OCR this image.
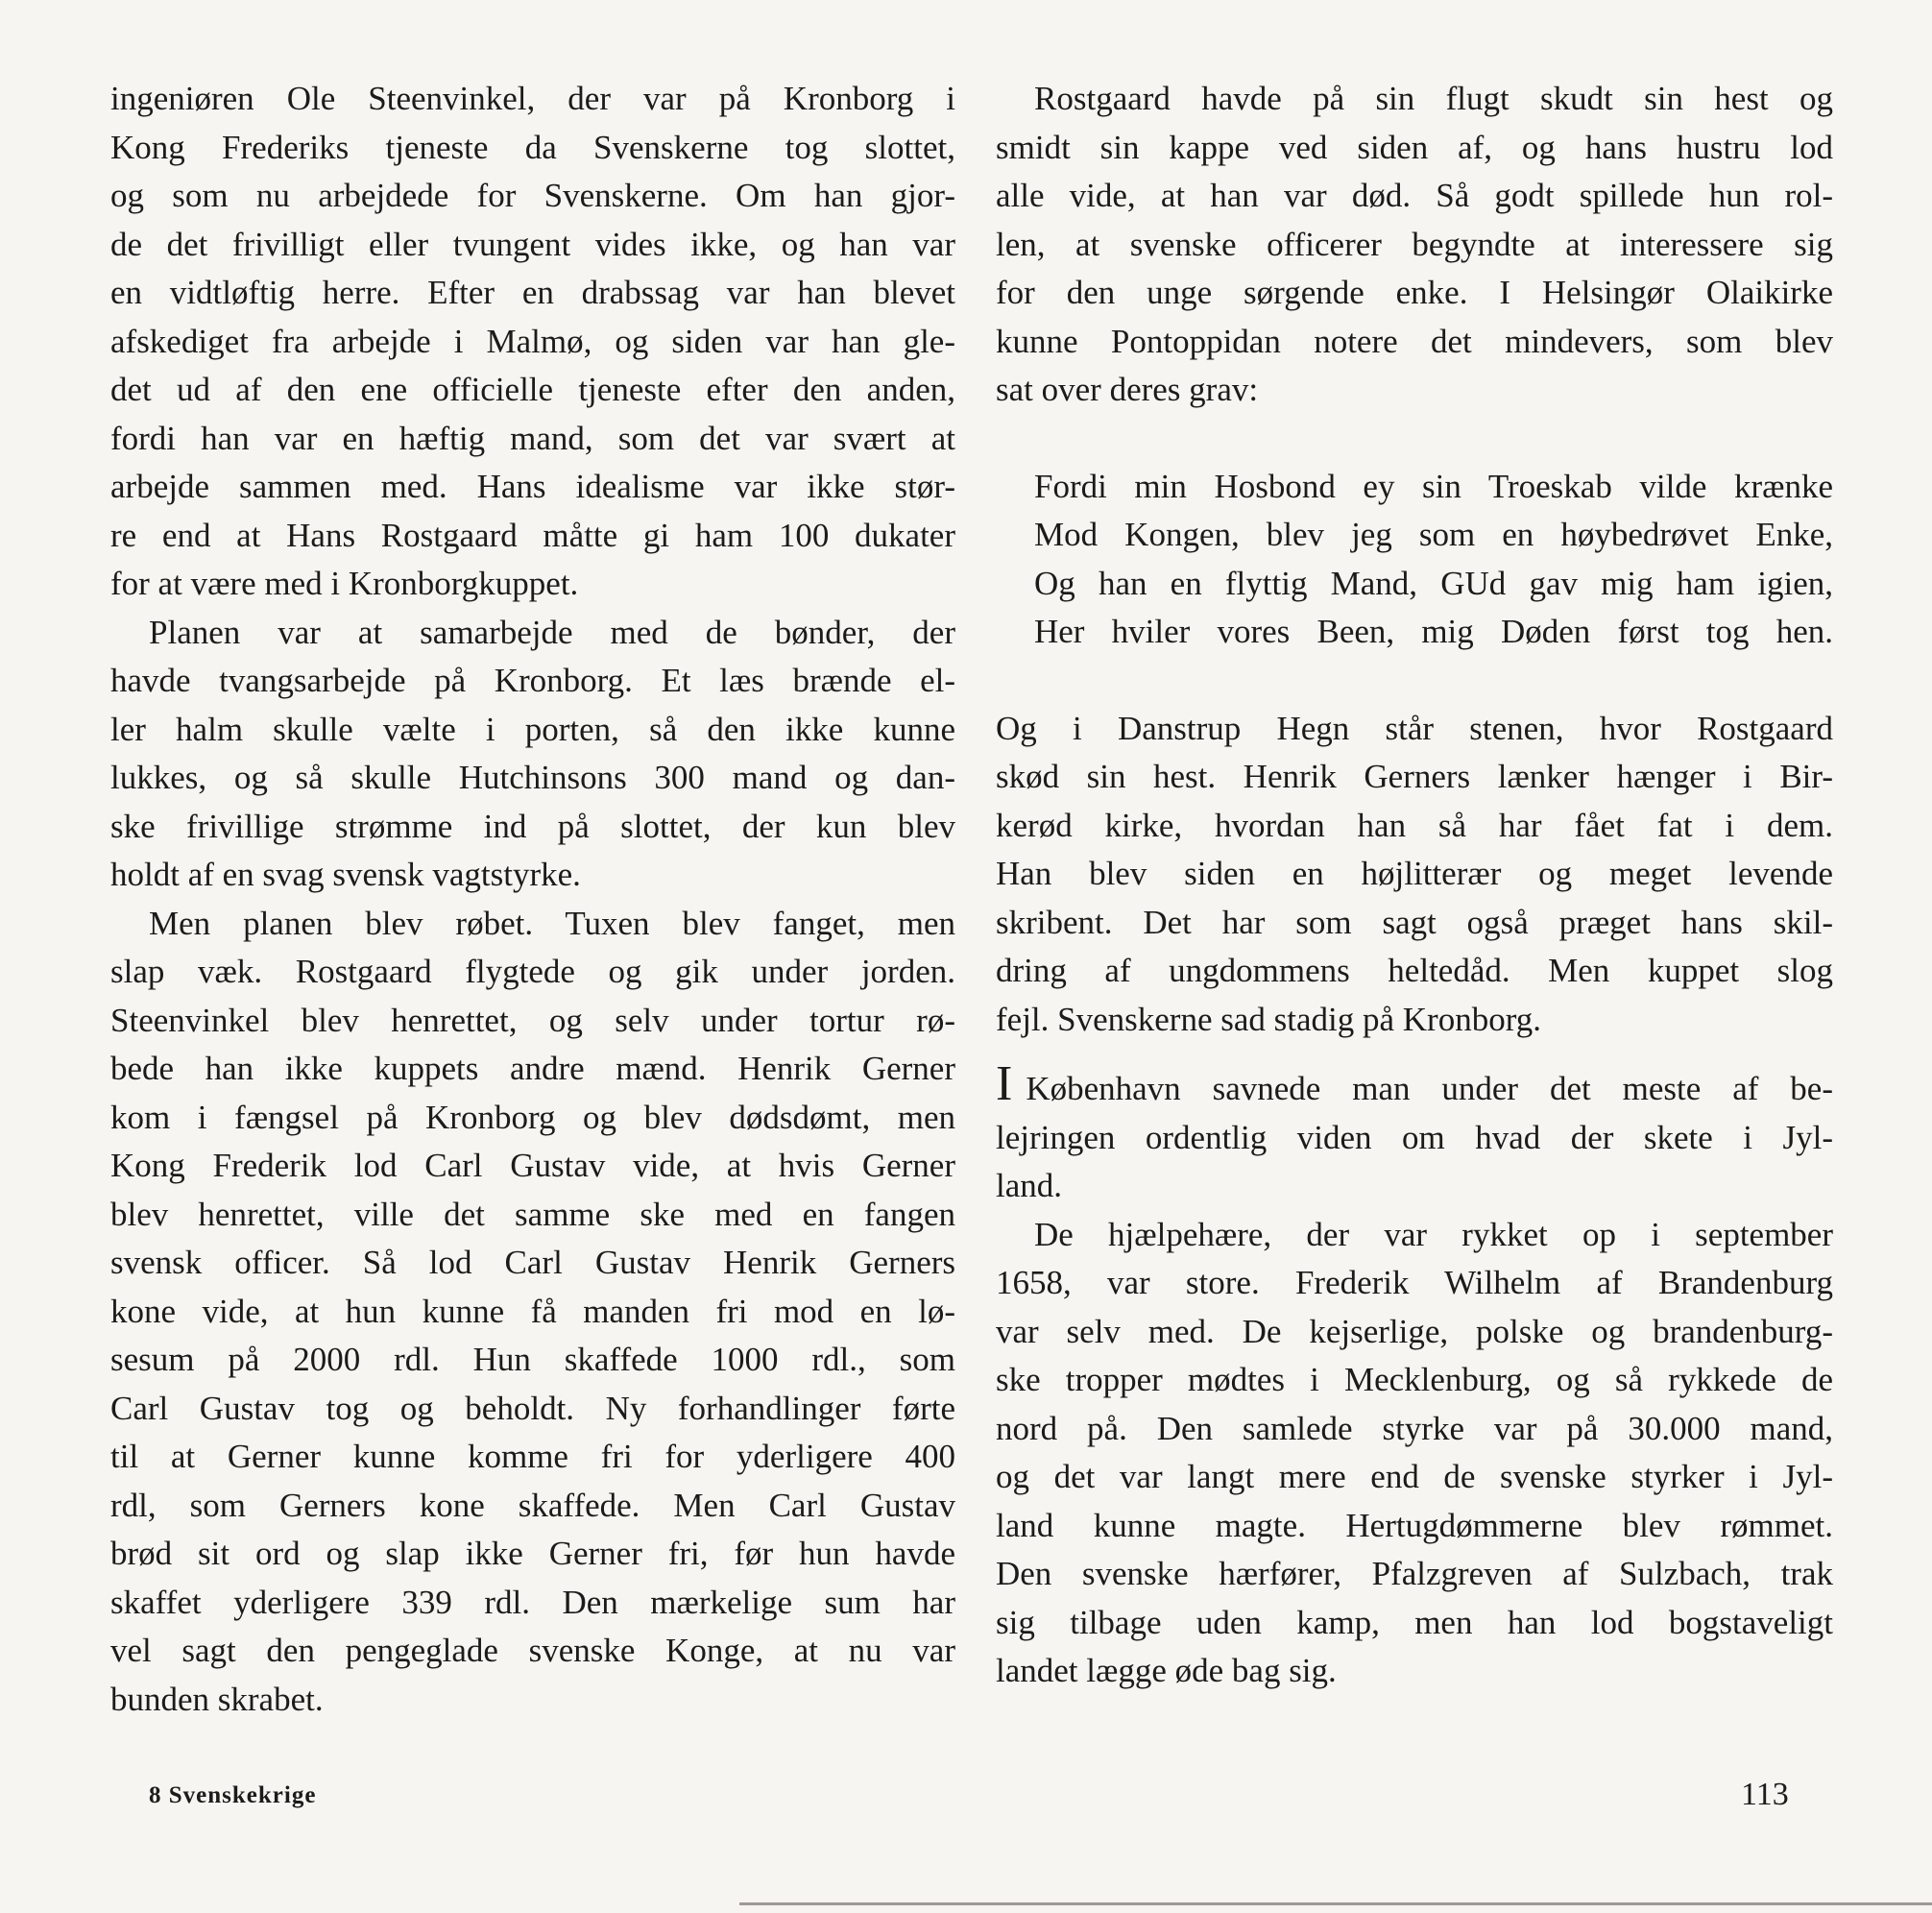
ingeniøren Ole Steenvinkel, der var på Kronborg i
Kong Frederiks tjeneste da Svenskerne tog slottet,
og som nu arbejdede for Svenskerne. Om han gjor-
de det frivilligt eller tvungent vides ikke, og han var
en vidtløftig herre. Efter en drabssag var han blevet
afskediget fra arbejde i Malmø, og siden var han gle-
det ud af den ene officielle tjeneste efter den anden,
fordi han var en hæftig mand, som det var svært at
arbejde sammen med. Hans idealisme var ikke stør-
re end at Hans Rostgaard måtte gi ham 100 dukater
for at være med i Kronborgkuppet.
Planen var at samarbejde med de bønder, der
havde tvangsarbejde på Kronborg. Et læs brænde el-
ler halm skulle vælte i porten, så den ikke kunne
lukkes, og så skulle Hutchinsons 300 mand og dan-
ske frivillige strømme ind på slottet, der kun blev
holdt af en svag svensk vagtstyrke.
Men planen blev røbet. Tuxen blev fanget, men
slap væk. Rostgaard flygtede og gik under jorden.
Steenvinkel blev henrettet, og selv under tortur rø-
bede han ikke kuppets andre mænd. Henrik Gerner
kom i fængsel på Kronborg og blev dødsdømt, men
Kong Frederik lod Carl Gustav vide, at hvis Gerner
blev henrettet, ville det samme ske med en fangen
svensk officer. Så lod Carl Gustav Henrik Gerners
kone vide, at hun kunne få manden fri mod en lø-
sesum på 2000 rdl. Hun skaffede 1000 rdl., som
Carl Gustav tog og beholdt. Ny forhandlinger førte
til at Gerner kunne komme fri for yderligere 400
rdl, som Gerners kone skaffede. Men Carl Gustav
brød sit ord og slap ikke Gerner fri, før hun havde
skaffet yderligere 339 rdl. Den mærkelige sum har
vel sagt den pengeglade svenske Konge, at nu var
bunden skrabet.
Rostgaard havde på sin flugt skudt sin hest og
smidt sin kappe ved siden af, og hans hustru lod
alle vide, at han var død. Så godt spillede hun rol-
len, at svenske officerer begyndte at interessere sig
for den unge sørgende enke. I Helsingør Olaikirke
kunne Pontoppidan notere det mindevers, som blev
sat over deres grav:
Fordi min Hosbond ey sin Troeskab vilde krænke
Mod Kongen, blev jeg som en høybedrøvet Enke,
Og han en flyttig Mand, GUd gav mig ham igien,
Her hviler vores Been, mig Døden først tog hen.
Og i Danstrup Hegn står stenen, hvor Rostgaard
skød sin hest. Henrik Gerners lænker hænger i Bir-
kerød kirke, hvordan han så har fået fat i dem.
Han blev siden en højlitterær og meget levende
skribent. Det har som sagt også præget hans skil-
dring af ungdommens heltedåd. Men kuppet slog
fejl. Svenskerne sad stadig på Kronborg.
I København savnede man under det meste af be-
lejringen ordentlig viden om hvad der skete i Jyl-
land.
De hjælpehære, der var rykket op i september
1658, var store. Frederik Wilhelm af Brandenburg
var selv med. De kejserlige, polske og brandenburg-
ske tropper mødtes i Mecklenburg, og så rykkede de
nord på. Den samlede styrke var på 30.000 mand,
og det var langt mere end de svenske styrker i Jyl-
land kunne magte. Hertugdømmerne blev rømmet.
Den svenske hærfører, Pfalzgreven af Sulzbach, trak
sig tilbage uden kamp, men han lod bogstaveligt
landet lægge øde bag sig.
8 Svenskekrige	113
